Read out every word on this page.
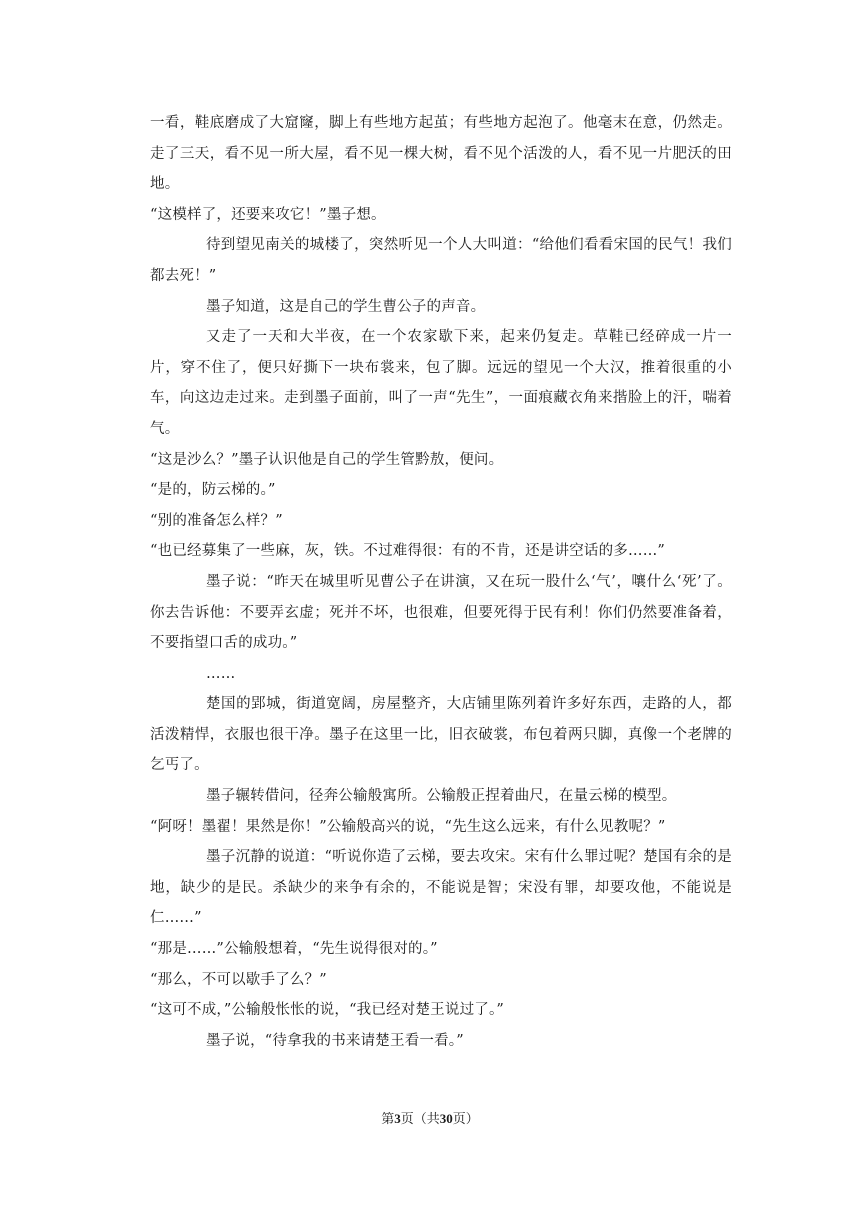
一看，鞋底磨成了大窟窿，脚上有些地方起茧；有些地方起泡了。他毫末在意，仍然走。走了三天，看不见一所大屋，看不见一棵大树，看不见个活泼的人，看不见一片肥沃的田地。

“这模样了，还要来攻它！”墨子想。

待到望见南关的城楼了，突然听见一个人大叫道：“给他们看看宋国的民气！我们都去死！”

墨子知道，这是自己的学生曹公子的声音。

又走了一天和大半夜，在一个农家歇下来，起来仍复走。草鞋已经碎成一片一片，穿不住了，便只好撕下一块布裳来，包了脚。远远的望见一个大汉，推着很重的小车，向这边走过来。走到墨子面前，叫了一声“先生”，一面痕藏衣角来揩脸上的汗，喘着气。

“这是沙么？”墨子认识他是自己的学生管黔敖，便问。

“是的，防云梯的。”

“别的准备怎么样？”

“也已经募集了一些麻，灰，铁。不过难得很：有的不肯，还是讲空话的多……”

墨子说：“昨天在城里听见曹公子在讲演，又在玩一股什么‘气’，嚷什么‘死’了。你去告诉他：不要弄玄虚；死并不坏，也很难，但要死得于民有利！你们仍然要准备着，不要指望口舌的成功。”

……

楚国的郢城，街道宽阔，房屋整齐，大店铺里陈列着许多好东西，走路的人，都活泼精悍，衣服也很干净。墨子在这里一比，旧衣破裳，布包着两只脚，真像一个老牌的乞丐了。

墨子辗转借问，径奔公输般寓所。公输般正捏着曲尺，在量云梯的模型。

“阿呀！墨翟！果然是你！”公输般高兴的说，“先生这么远来，有什么见教呢？”

墨子沉静的说道：“听说你造了云梯，要去攻宋。宋有什么罪过呢？楚国有余的是地，缺少的是民。杀缺少的来争有余的，不能说是智；宋没有罪，却要攻他，不能说是仁……”

“那是……”公输般想着，“先生说得很对的。”

“那么，不可以歇手了么？”

“这可不成，”公输般怅怅的说，“我已经对楚王说过了。”

墨子说，“待拿我的书来请楚王看一看。”

第3页（共30页）
